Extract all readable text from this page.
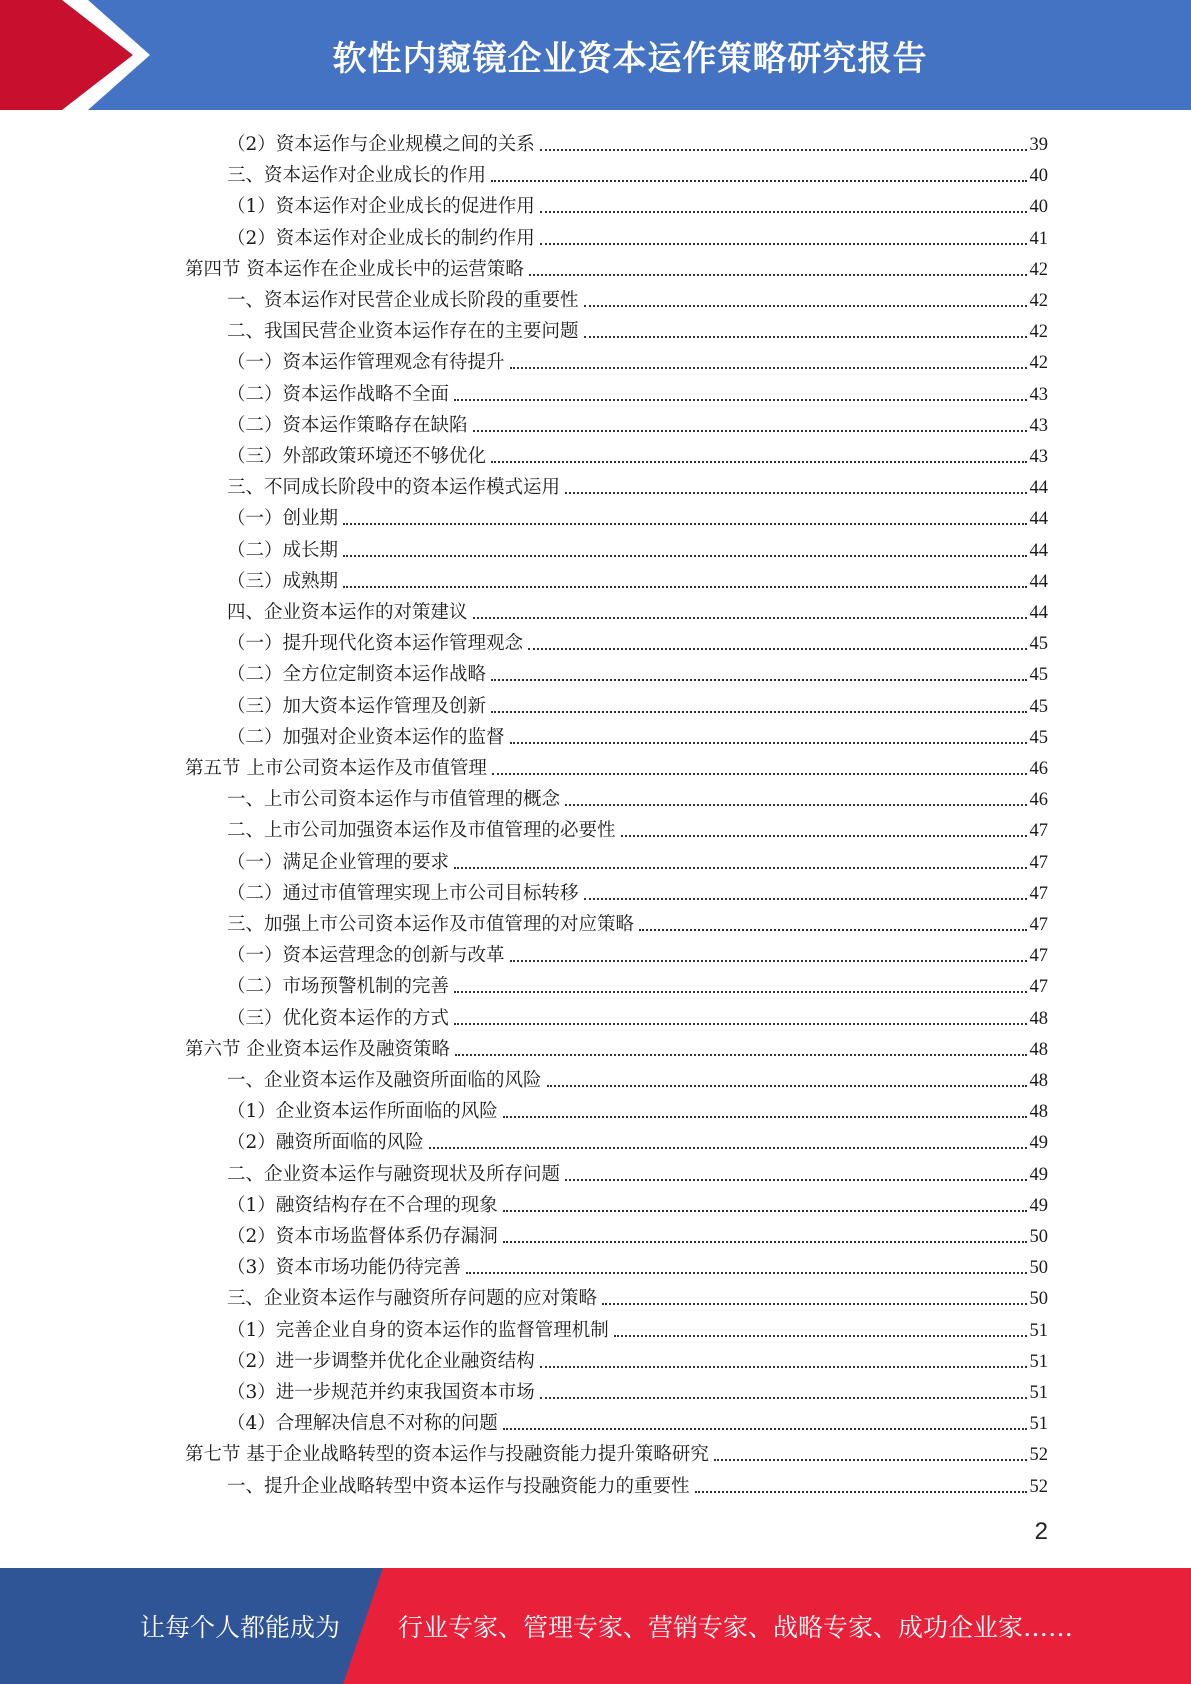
软性内窥镜企业资本运作策略研究报告
（2）资本运作与企业规模之间的关系	39
三、资本运作对企业成长的作用	40
（1）资本运作对企业成长的促进作用	40
（2）资本运作对企业成长的制约作用	41
第四节 资本运作在企业成长中的运营策略	42
一、资本运作对民营企业成长阶段的重要性	42
二、我国民营企业资本运作存在的主要问题	42
（一）资本运作管理观念有待提升	42
（二）资本运作战略不全面	43
（二）资本运作策略存在缺陷	43
（三）外部政策环境还不够优化	43
三、不同成长阶段中的资本运作模式运用	44
（一）创业期	44
（二）成长期	44
（三）成熟期	44
四、企业资本运作的对策建议	44
（一）提升现代化资本运作管理观念	45
（二）全方位定制资本运作战略	45
（三）加大资本运作管理及创新	45
（二）加强对企业资本运作的监督	45
第五节 上市公司资本运作及市值管理	46
一、上市公司资本运作与市值管理的概念	46
二、上市公司加强资本运作及市值管理的必要性	47
（一）满足企业管理的要求	47
（二）通过市值管理实现上市公司目标转移	47
三、加强上市公司资本运作及市值管理的对应策略	47
（一）资本运营理念的创新与改革	47
（二）市场预警机制的完善	47
（三）优化资本运作的方式	48
第六节 企业资本运作及融资策略	48
一、企业资本运作及融资所面临的风险	48
（1）企业资本运作所面临的风险	48
（2）融资所面临的风险	49
二、企业资本运作与融资现状及所存问题	49
（1）融资结构存在不合理的现象	49
（2）资本市场监督体系仍存漏洞	50
（3）资本市场功能仍待完善	50
三、企业资本运作与融资所存问题的应对策略	50
（1）完善企业自身的资本运作的监督管理机制	51
（2）进一步调整并优化企业融资结构	51
（3）进一步规范并约束我国资本市场	51
（4）合理解决信息不对称的问题	51
第七节 基于企业战略转型的资本运作与投融资能力提升策略研究	52
一、提升企业战略转型中资本运作与投融资能力的重要性	52
2
让每个人都能成为 行业专家、管理专家、营销专家、战略专家、成功企业家……
